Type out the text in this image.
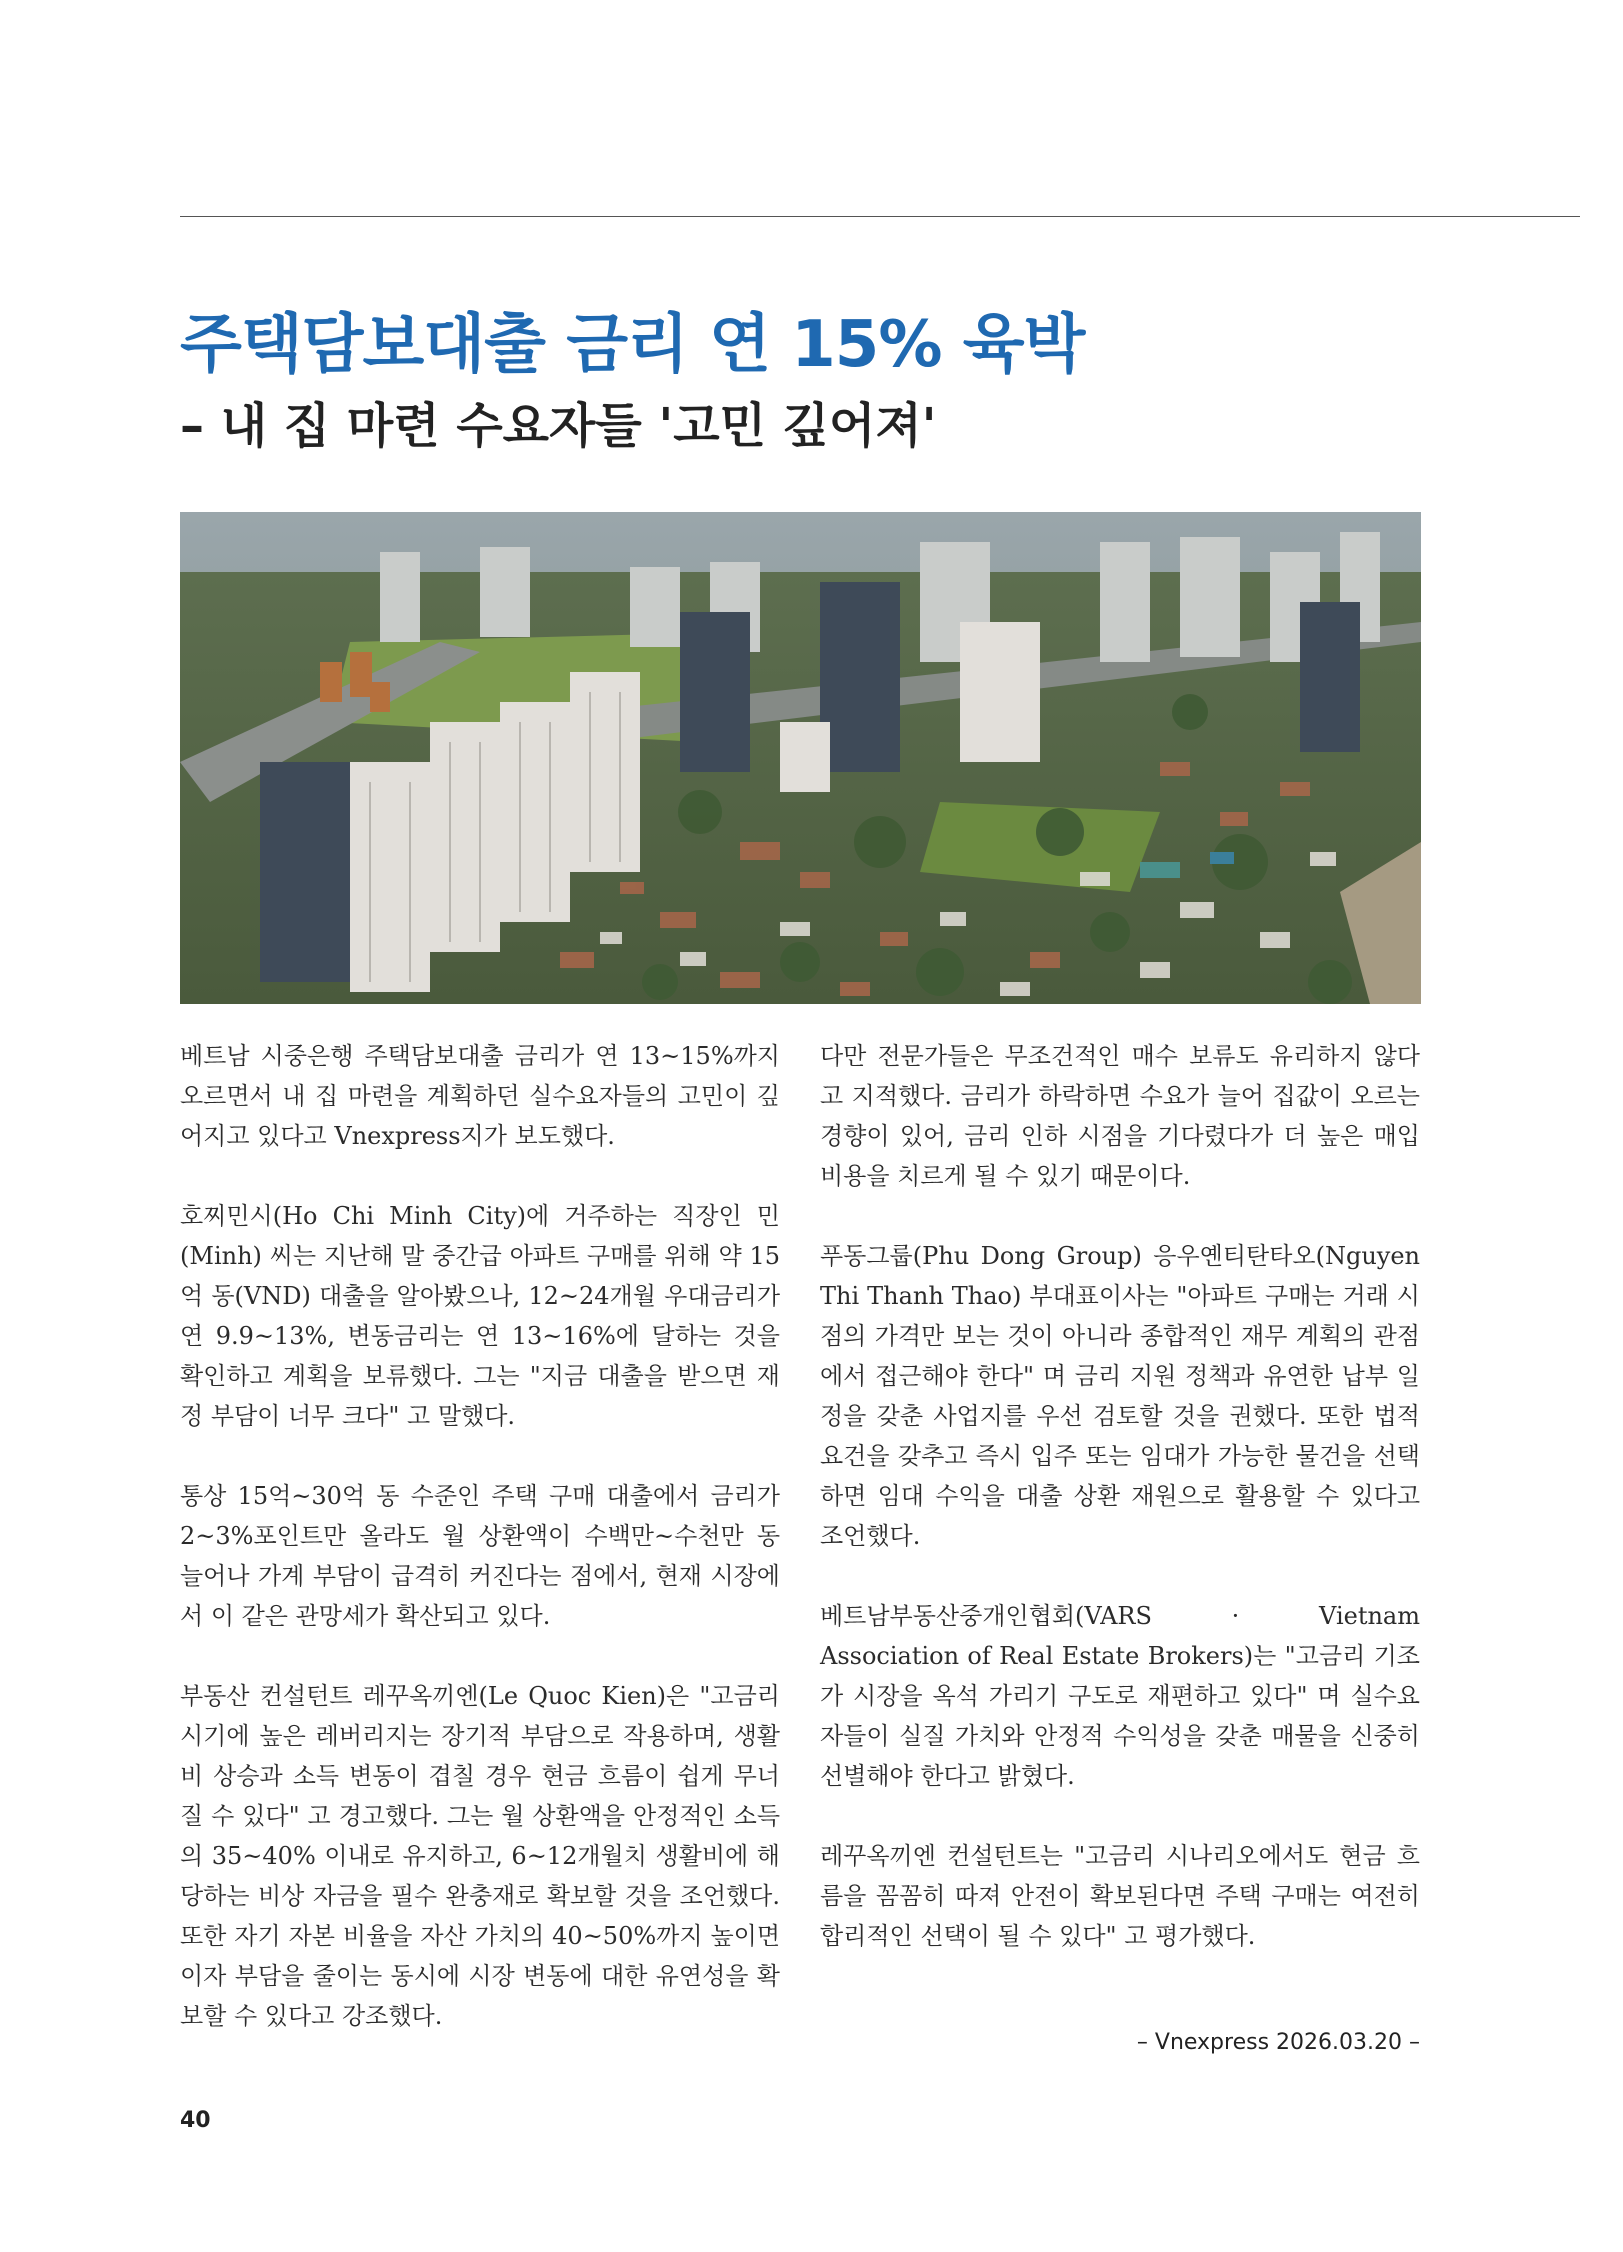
주택담보대출 금리 연 15% 육박
– 내 집 마련 수요자들 '고민 깊어져'

베트남 시중은행 주택담보대출 금리가 연 13~15%까지 오르면서 내 집 마련을 계획하던 실수요자들의 고민이 깊어지고 있다고 Vnexpress지가 보도했다.

호찌민시(Ho Chi Minh City)에 거주하는 직장인 민(Minh) 씨는 지난해 말 중간급 아파트 구매를 위해 약 15억 동(VND) 대출을 알아봤으나, 12~24개월 우대금리가 연 9.9~13%, 변동금리는 연 13~16%에 달하는 것을 확인하고 계획을 보류했다. 그는 "지금 대출을 받으면 재정 부담이 너무 크다" 고 말했다.

통상 15억~30억 동 수준인 주택 구매 대출에서 금리가 2~3%포인트만 올라도 월 상환액이 수백만~수천만 동 늘어나 가계 부담이 급격히 커진다는 점에서, 현재 시장에서 이 같은 관망세가 확산되고 있다.

부동산 컨설턴트 레꾸옥끼엔(Le Quoc Kien)은 "고금리 시기에 높은 레버리지는 장기적 부담으로 작용하며, 생활비 상승과 소득 변동이 겹칠 경우 현금 흐름이 쉽게 무너질 수 있다" 고 경고했다. 그는 월 상환액을 안정적인 소득의 35~40% 이내로 유지하고, 6~12개월치 생활비에 해당하는 비상 자금을 필수 완충재로 확보할 것을 조언했다. 또한 자기 자본 비율을 자산 가치의 40~50%까지 높이면 이자 부담을 줄이는 동시에 시장 변동에 대한 유연성을 확보할 수 있다고 강조했다.

다만 전문가들은 무조건적인 매수 보류도 유리하지 않다고 지적했다. 금리가 하락하면 수요가 늘어 집값이 오르는 경향이 있어, 금리 인하 시점을 기다렸다가 더 높은 매입 비용을 치르게 될 수 있기 때문이다.

푸동그룹(Phu Dong Group) 응우옌티탄타오(Nguyen Thi Thanh Thao) 부대표이사는 "아파트 구매는 거래 시점의 가격만 보는 것이 아니라 종합적인 재무 계획의 관점에서 접근해야 한다" 며 금리 지원 정책과 유연한 납부 일정을 갖춘 사업지를 우선 검토할 것을 권했다. 또한 법적 요건을 갖추고 즉시 입주 또는 임대가 가능한 물건을 선택하면 임대 수익을 대출 상환 재원으로 활용할 수 있다고 조언했다.

베트남부동산중개인협회(VARS · Vietnam Association of Real Estate Brokers)는 "고금리 기조가 시장을 옥석 가리기 구도로 재편하고 있다" 며 실수요자들이 실질 가치와 안정적 수익성을 갖춘 매물을 신중히 선별해야 한다고 밝혔다.

레꾸옥끼엔 컨설턴트는 "고금리 시나리오에서도 현금 흐름을 꼼꼼히 따져 안전이 확보된다면 주택 구매는 여전히 합리적인 선택이 될 수 있다" 고 평가했다.

– Vnexpress 2026.03.20 –
40
